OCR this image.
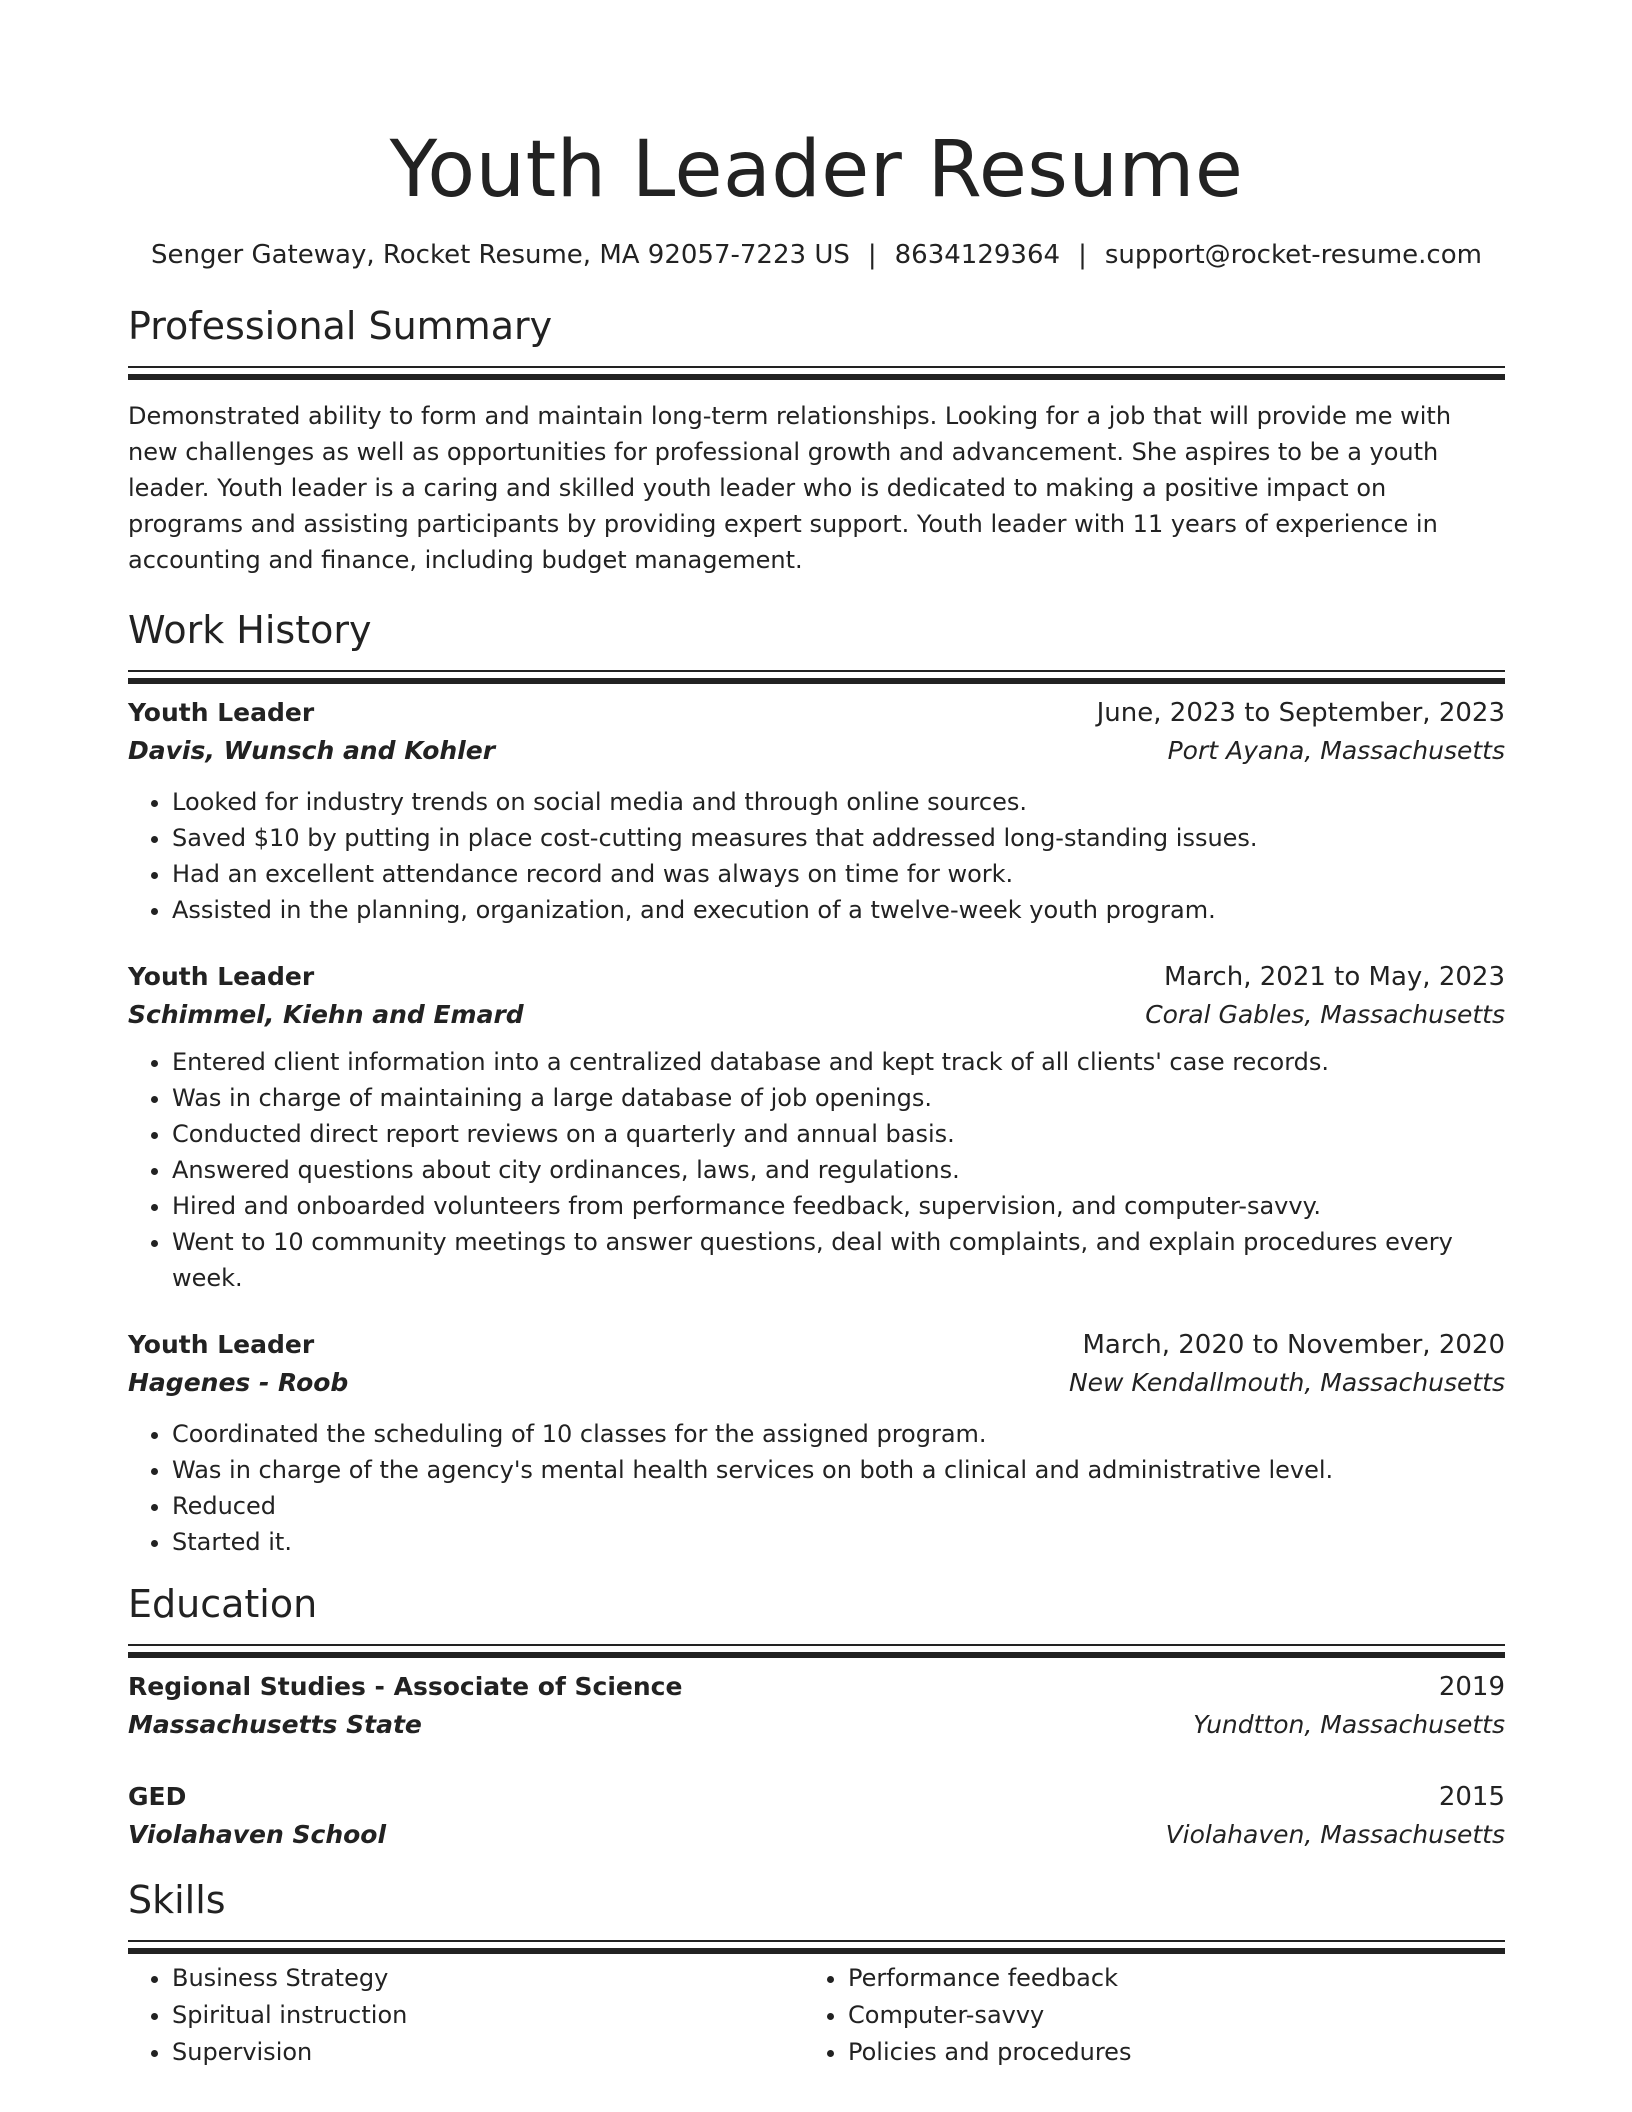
Youth Leader Resume
Senger Gateway, Rocket Resume, MA 92057-7223 US | 8634129364 | support@rocket-resume.com
Professional Summary
Demonstrated ability to form and maintain long-term relationships. Looking for a job that will provide me with new challenges as well as opportunities for professional growth and advancement. She aspires to be a youth leader. Youth leader is a caring and skilled youth leader who is dedicated to making a positive impact on programs and assisting participants by providing expert support. Youth leader with 11 years of experience in accounting and finance, including budget management.
Work History
Youth Leader	June, 2023 to September, 2023
Davis, Wunsch and Kohler	Port Ayana, Massachusetts
• Looked for industry trends on social media and through online sources.
• Saved $10 by putting in place cost-cutting measures that addressed long-standing issues.
• Had an excellent attendance record and was always on time for work.
• Assisted in the planning, organization, and execution of a twelve-week youth program.
Youth Leader	March, 2021 to May, 2023
Schimmel, Kiehn and Emard	Coral Gables, Massachusetts
• Entered client information into a centralized database and kept track of all clients' case records.
• Was in charge of maintaining a large database of job openings.
• Conducted direct report reviews on a quarterly and annual basis.
• Answered questions about city ordinances, laws, and regulations.
• Hired and onboarded volunteers from performance feedback, supervision, and computer-savvy.
• Went to 10 community meetings to answer questions, deal with complaints, and explain procedures every week.
Youth Leader	March, 2020 to November, 2020
Hagenes - Roob	New Kendallmouth, Massachusetts
• Coordinated the scheduling of 10 classes for the assigned program.
• Was in charge of the agency's mental health services on both a clinical and administrative level.
• Reduced
• Started it.
Education
Regional Studies - Associate of Science	2019
Massachusetts State	Yundtton, Massachusetts
GED	2015
Violahaven School	Violahaven, Massachusetts
Skills
• Business Strategy
• Spiritual instruction
• Supervision
• Performance feedback
• Computer-savvy
• Policies and procedures
